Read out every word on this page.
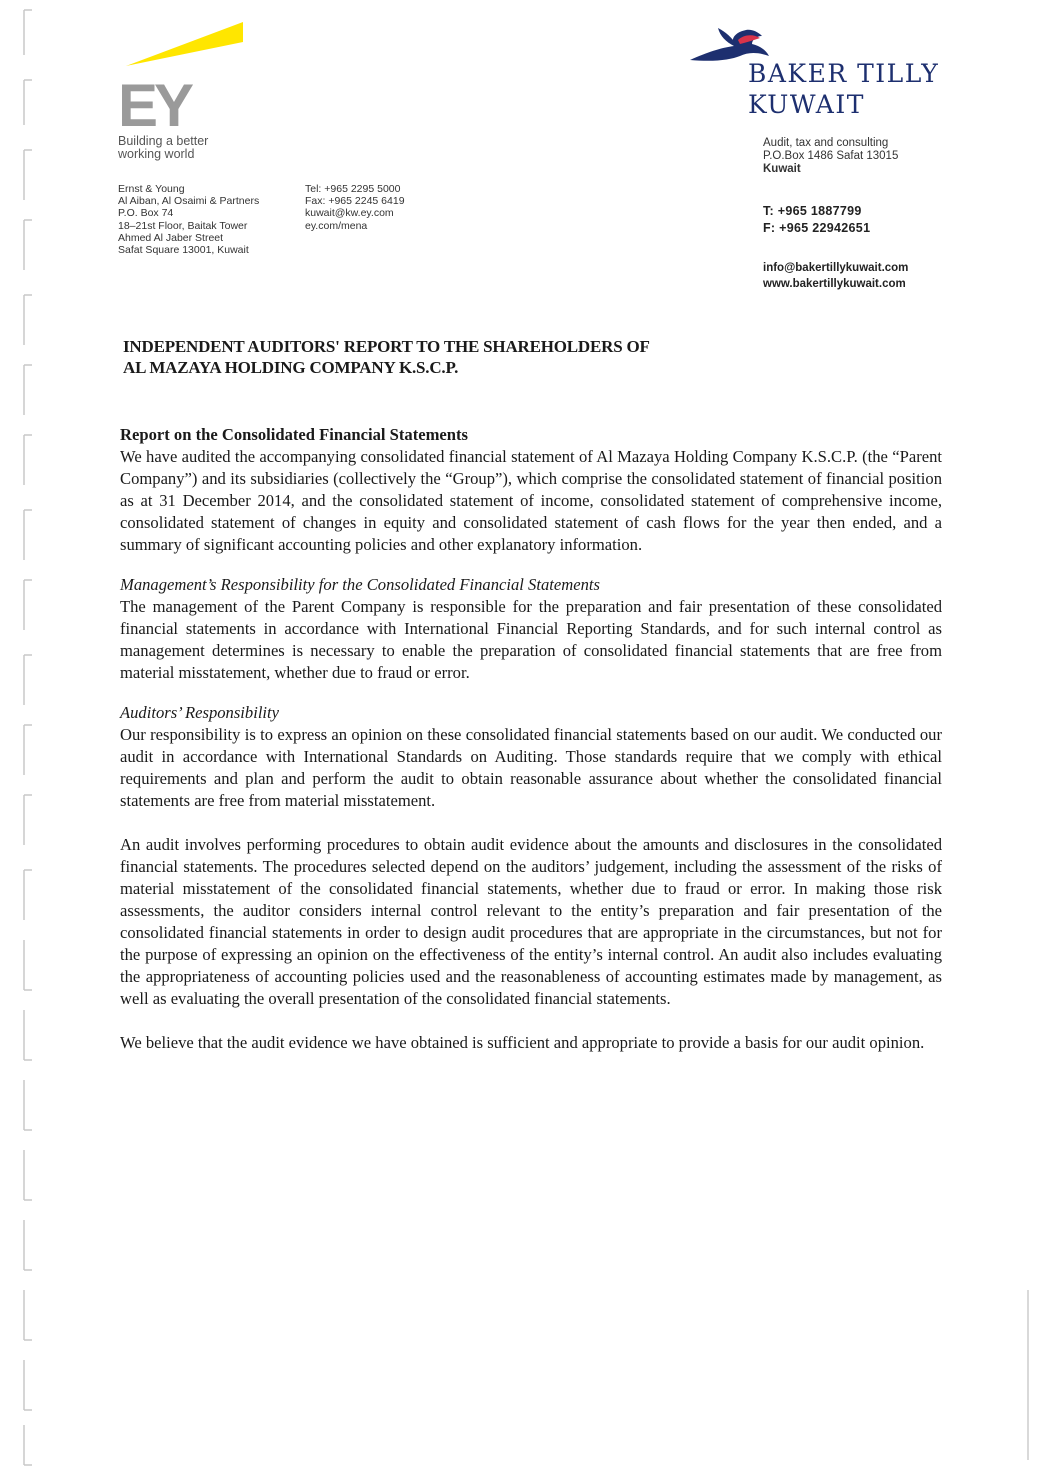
EY
Building a better
working world
Ernst & Young
Al Aiban, Al Osaimi & Partners
P.O. Box 74
18–21st Floor, Baitak Tower
Ahmed Al Jaber Street
Safat Square 13001, Kuwait
Tel: +965 2295 5000
Fax: +965 2245 6419
kuwait@kw.ey.com
ey.com/mena
BAKER TILLY
KUWAIT
Audit, tax and consulting
P.O.Box 1486 Safat 13015
Kuwait
T: +965 1887799
F: +965 22942651
info@bakertillykuwait.com
www.bakertillykuwait.com
INDEPENDENT AUDITORS' REPORT TO THE SHAREHOLDERS OF
AL MAZAYA HOLDING COMPANY K.S.C.P.
Report on the Consolidated Financial Statements

We have audited the accompanying consolidated financial statement of Al Mazaya Holding Company K.S.C.P. (the “Parent Company”) and its subsidiaries (collectively the “Group”), which comprise the consolidated statement of financial position as at 31 December 2014, and the consolidated statement of income, consolidated statement of comprehensive income, consolidated statement of changes in equity and consolidated statement of cash flows for the year then ended, and a summary of significant accounting policies and other explanatory information.

Management’s Responsibility for the Consolidated Financial Statements

The management of the Parent Company is responsible for the preparation and fair presentation of these consolidated financial statements in accordance with International Financial Reporting Standards, and for such internal control as management determines is necessary to enable the preparation of consolidated financial statements that are free from material misstatement, whether due to fraud or error.

Auditors’ Responsibility

Our responsibility is to express an opinion on these consolidated financial statements based on our audit. We conducted our audit in accordance with International Standards on Auditing. Those standards require that we comply with ethical requirements and plan and perform the audit to obtain reasonable assurance about whether the consolidated financial statements are free from material misstatement.

An audit involves performing procedures to obtain audit evidence about the amounts and disclosures in the consolidated financial statements. The procedures selected depend on the auditors’ judgement, including the assessment of the risks of material misstatement of the consolidated financial statements, whether due to fraud or error. In making those risk assessments, the auditor considers internal control relevant to the entity’s preparation and fair presentation of the consolidated financial statements in order to design audit procedures that are appropriate in the circumstances, but not for the purpose of expressing an opinion on the effectiveness of the entity’s internal control. An audit also includes evaluating the appropriateness of accounting policies used and the reasonableness of accounting estimates made by management, as well as evaluating the overall presentation of the consolidated financial statements.

We believe that the audit evidence we have obtained is sufficient and appropriate to provide a basis for our audit opinion.
